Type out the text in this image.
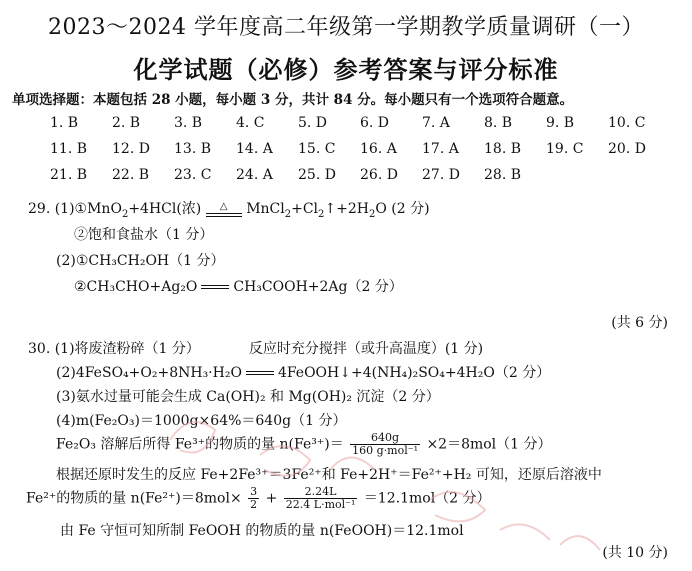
2023～2024 学年度高二年级第一学期教学质量调研（一）
化学试题（必修）参考答案与评分标准
单项选择题：本题包括 28 小题，每小题 3 分，共计 84 分。每小题只有一个选项符合题意。
1. B 2. B 3. B 4. C 5. D 6. D 7. A 8. B 9. B 10. C
11. B 12. D 13. B 14. A 15. C 16. A 17. A 18. B 19. C 20. D
21. B 22. B 23. C 24. A 25. D 26. D 27. D 28. B
29. (1)①MnO$_2$+4HCl(浓)	△	$MnCl_2+Cl_2↑+2H_2O$ (2 分)
②饱和食盐水（1 分）
(2)①CH₃CH₂OH（1 分）
②CH₃CHO+Ag₂O	CH₃COOH+2Ag（2 分）
(共 6 分)
30. (1)将废渣粉碎（1 分）	反应时充分搅拌（或升高温度）(1 分)
(2)4FeSO₄+O₂+8NH₃·H₂O	4FeOOH↓+4(NH₄)₂SO₄+4H₂O（2 分）
(3)氨水过量可能会生成 Ca(OH)₂ 和 Mg(OH)₂ 沉淀（2 分）
(4)m(Fe₂O₃)＝1000g×64%＝640g（1 分）
Fe₂O₃ 溶解后所得 Fe³⁺的物质的量 $n(Fe^{3+})= \frac{640g}{\text{160 g·mol⁻¹}} \times 2=8mol(1$ 分）
根据还原时发生的反应 Fe+2Fe³⁺＝3Fe²⁺和 Fe+2H⁺＝Fe²⁺+H₂ 可知，还原后溶液中
Fe²⁺的物质的量 $n(Fe^{2+})=8mol\times \frac{3}{2} + \frac{2.24L}{\text{22.4 L·mol⁻¹}} =12.1mol(2$ 分）
由 Fe 守恒可知所制 FeOOH 的物质的量 n(FeOOH)＝12.1mol
(共 10 分)
